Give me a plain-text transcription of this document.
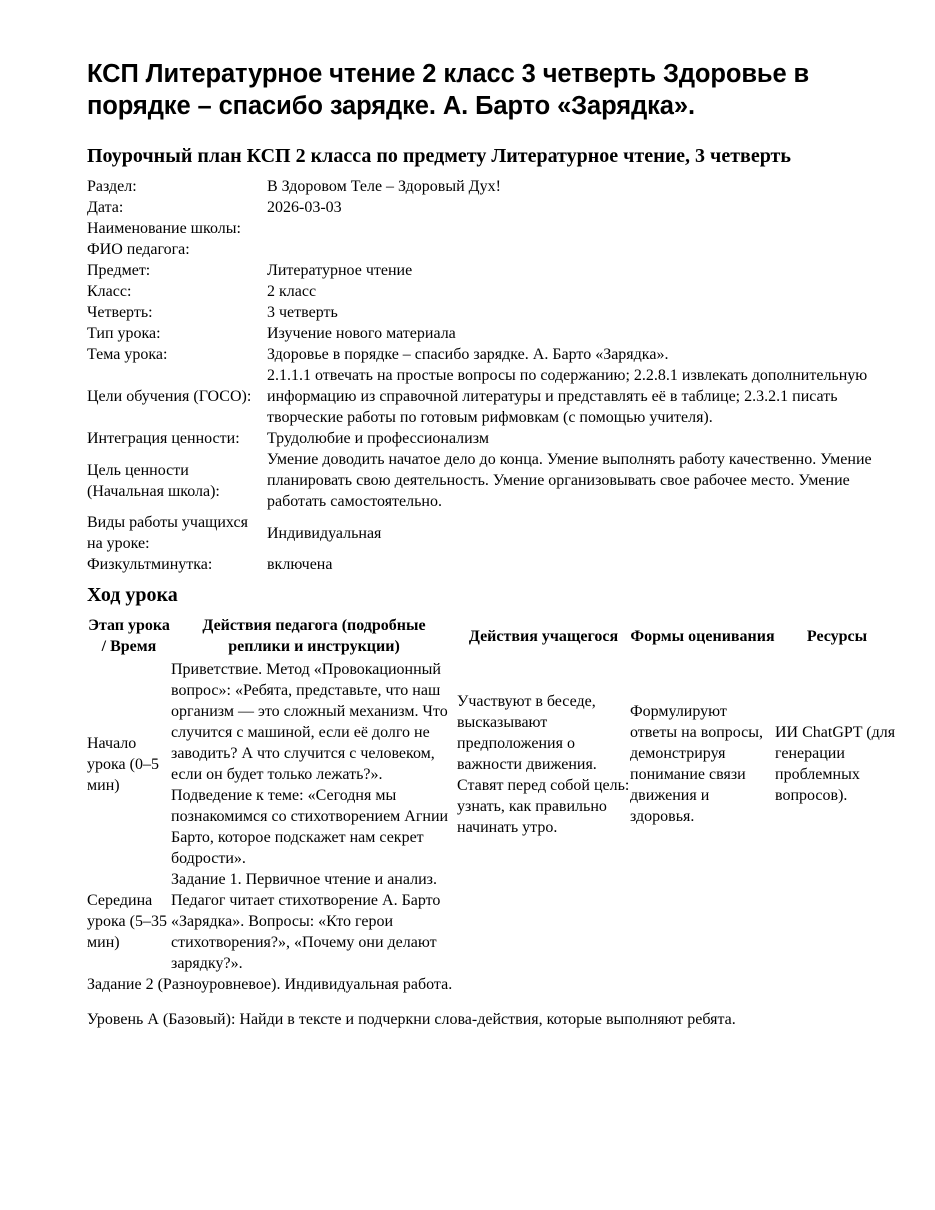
КСП Литературное чтение 2 класс 3 четверть Здоровье в порядке – спасибо зарядке. А. Барто «Зарядка».
Поурочный план КСП 2 класса по предмету Литературное чтение, 3 четверть
Раздел:	В Здоровом Теле – Здоровый Дух!
Дата:	2026-03-03
Наименование школы:	
ФИО педагога:	
Предмет:	Литературное чтение
Класс:	2 класс
Четверть:	3 четверть
Тип урока:	Изучение нового материала
Тема урока:	Здоровье в порядке – спасибо зарядке. А. Барто «Зарядка».
Цели обучения (ГОСО):	2.1.1.1 отвечать на простые вопросы по содержанию; 2.2.8.1 извлекать дополнительную информацию из справочной литературы и представлять её в таблице; 2.3.2.1 писать творческие работы по готовым рифмовкам (с помощью учителя).
Интеграция ценности:	Трудолюбие и профессионализм
Цель ценности (Начальная школа):	Умение доводить начатое дело до конца. Умение выполнять работу качественно. Умение планировать свою деятельность. Умение организовывать свое рабочее место. Умение работать самостоятельно.
Виды работы учащихся на уроке:	Индивидуальная
Физкультминутка:	включена
Ход урока
Этап урока / Время	Действия педагога (подробные реплики и инструкции)	Действия учащегося	Формы оценивания	Ресурсы
Начало урока (0–5 мин)	Приветствие. Метод «Провокационный вопрос»: «Ребята, представьте, что наш организм — это сложный механизм. Что случится с машиной, если её долго не заводить? А что случится с человеком, если он будет только лежать?». Подведение к теме: «Сегодня мы познакомимся со стихотворением Агнии Барто, которое подскажет нам секрет бодрости».	Участвуют в беседе, высказывают предположения о важности движения. Ставят перед собой цель: узнать, как правильно начинать утро.	Формулируют ответы на вопросы, демонстрируя понимание связи движения и здоровья.	ИИ ChatGPT (для генерации проблемных вопросов).
Середина урока (5–35 мин)	Задание 1. Первичное чтение и анализ. Педагог читает стихотворение А. Барто «Зарядка». Вопросы: «Кто герои стихотворения?», «Почему они делают зарядку?».			

Задание 2 (Разноуровневое). Индивидуальная работа.

Уровень А (Базовый): Найди в тексте и подчеркни слова-действия, которые выполняют ребята.
